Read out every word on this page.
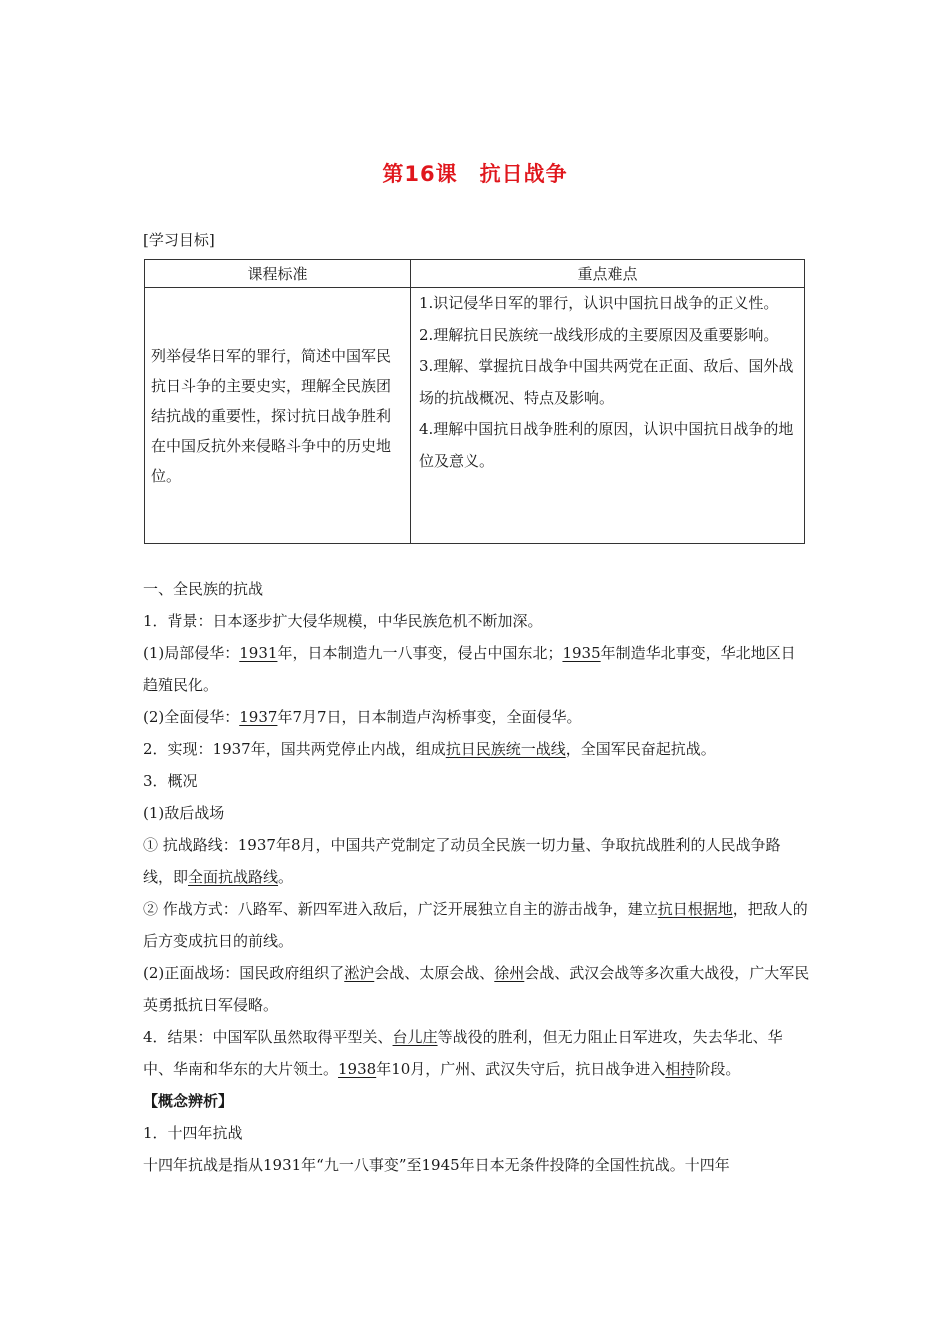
第16课　抗日战争
[学习目标]
课程标准	重点难点
列举侵华日军的罪行，简述中国军民抗日斗争的主要史实，理解全民族团结抗战的重要性，探讨抗日战争胜利在中国反抗外来侵略斗争中的历史地位。	1.识记侵华日军的罪行，认识中国抗日战争的正义性。
2.理解抗日民族统一战线形成的主要原因及重要影响。
3.理解、掌握抗日战争中国共两党在正面、敌后、国外战场的抗战概况、特点及影响。
4.理解中国抗日战争胜利的原因，认识中国抗日战争的地位及意义。

一、全民族的抗战

1．背景：日本逐步扩大侵华规模，中华民族危机不断加深。

(1)局部侵华：1931年，日本制造九一八事变，侵占中国东北；1935年制造华北事变，华北地区日趋殖民化。

(2)全面侵华：1937年7月7日，日本制造卢沟桥事变，全面侵华。

2．实现：1937年，国共两党停止内战，组成抗日民族统一战线，全国军民奋起抗战。

3．概况

(1)敌后战场

① 抗战路线：1937年8月，中国共产党制定了动员全民族一切力量、争取抗战胜利的人民战争路线，即全面抗战路线。

② 作战方式：八路军、新四军进入敌后，广泛开展独立自主的游击战争，建立抗日根据地，把敌人的后方变成抗日的前线。

(2)正面战场：国民政府组织了淞沪会战、太原会战、徐州会战、武汉会战等多次重大战役，广大军民英勇抵抗日军侵略。

4．结果：中国军队虽然取得平型关、台儿庄等战役的胜利，但无力阻止日军进攻，失去华北、华中、华南和华东的大片领土。1938年10月，广州、武汉失守后，抗日战争进入相持阶段。

【概念辨析】

1．十四年抗战

十四年抗战是指从1931年“九一八事变”至1945年日本无条件投降的全国性抗战。十四年
